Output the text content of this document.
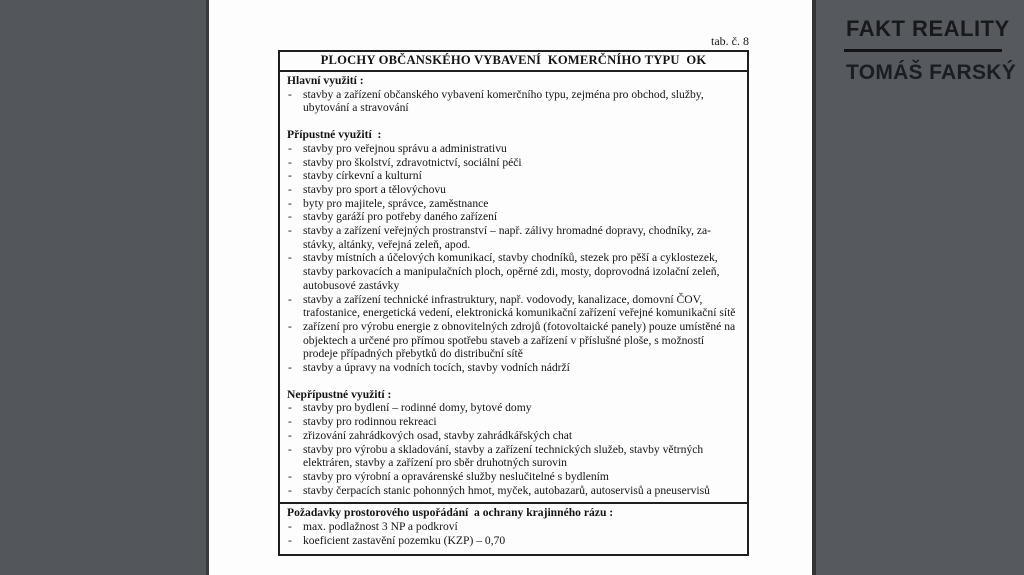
tab. č. 8
PLOCHY OBČANSKÉHO VYBAVENÍ  KOMERČNÍHO TYPU  OK
Hlavní využití :
- stavby a zařízení občanského vybavení komerčního typu, zejména pro obchod, služby, ubytování a stravování
Přípustné využití  :
- stavby pro veřejnou správu a administrativu
- stavby pro školství, zdravotnictví, sociální péči
- stavby církevní a kulturní
- stavby pro sport a tělovýchovu
- byty pro majitele, správce, zaměstnance
- stavby garáží pro potřeby daného zařízení
- stavby a zařízení veřejných prostranství – např. zálivy hromadné dopravy, chodníky, za-stávky, altánky, veřejná zeleň, apod.
- stavby místních a účelových komunikací, stavby chodníků, stezek pro pěší a cyklostezek, stavby parkovacích a manipulačních ploch, opěrné zdi, mosty, doprovodná izolační zeleň, autobusové zastávky
- stavby a zařízení technické infrastruktury, např. vodovody, kanalizace, domovní ČOV, trafostanice, energetická vedení, elektronická komunikační zařízení veřejné komunikační sítě
- zařízení pro výrobu energie z obnovitelných zdrojů (fotovoltaické panely) pouze umístěné na objektech a určené pro přímou spotřebu staveb a zařízení v příslušné ploše, s možností prodeje případných přebytků do distribuční sítě
- stavby a úpravy na vodních tocích, stavby vodních nádrží
Nepřípustné využití :
- stavby pro bydlení – rodinné domy, bytové domy
- stavby pro rodinnou rekreaci
- zřizování zahrádkových osad, stavby zahrádkářských chat
- stavby pro výrobu a skladování, stavby a zařízení technických služeb, stavby větrných elektráren, stavby a zařízení pro sběr druhotných surovin
- stavby pro výrobní a opravárenské služby neslučitelné s bydlením
- stavby čerpacích stanic pohonných hmot, myček, autobazarů, autoservisů a pneuservisů
Požadavky prostorového uspořádání  a ochrany krajinného rázu :
- max. podlažnost 3 NP a podkroví
- koeficient zastavění pozemku (KZP) – 0,70
FAKT REALITY
TOMÁŠ FARSKÝ
